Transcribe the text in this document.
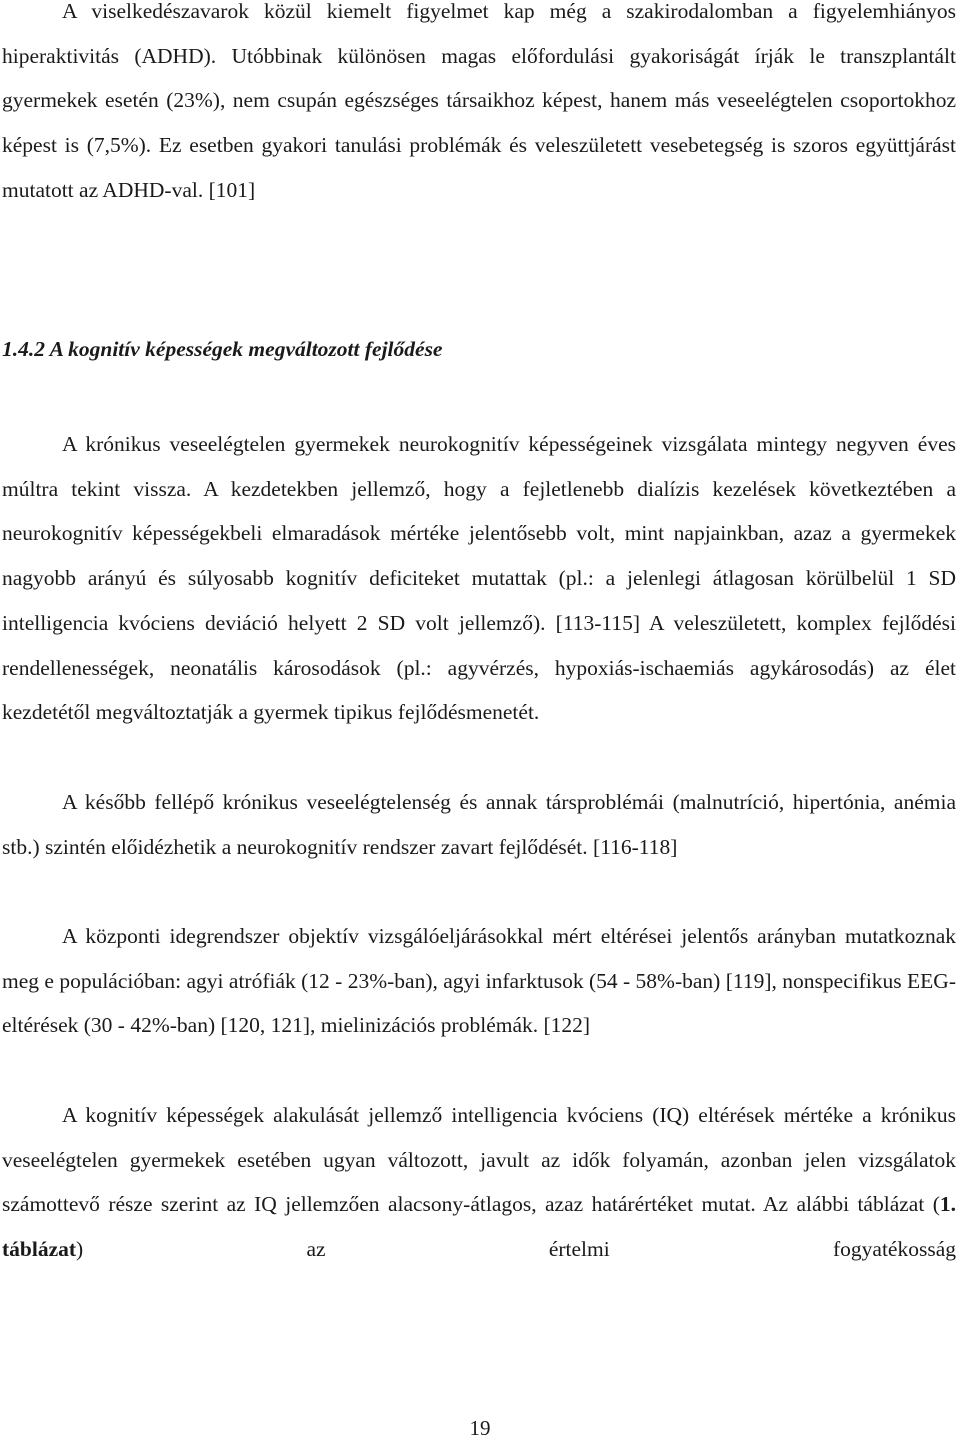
A viselkedészavarok közül kiemelt figyelmet kap még a szakirodalomban a figyelemhiányos hiperaktivitás (ADHD). Utóbbinak különösen magas előfordulási gyakoriságát írják le transzplantált gyermekek esetén (23%), nem csupán egészséges társaikhoz képest, hanem más veseelégtelen csoportokhoz képest is (7,5%). Ez esetben gyakori tanulási problémák és veleszületett vesebetegség is szoros együttjárást mutatott az ADHD-val. [101]

1.4.2 A kognitív képességek megváltozott fejlődése

A krónikus veseelégtelen gyermekek neurokognitív képességeinek vizsgálata mintegy negyven éves múltra tekint vissza. A kezdetekben jellemző, hogy a fejletlenebb dialízis kezelések következtében a neurokognitív képességekbeli elmaradások mértéke jelentősebb volt, mint napjainkban, azaz a gyermekek nagyobb arányú és súlyosabb kognitív deficiteket mutattak (pl.: a jelenlegi átlagosan körülbelül 1 SD intelligencia kvóciens deviáció helyett 2 SD volt jellemző). [113-115] A veleszületett, komplex fejlődési rendellenességek, neonatális károsodások (pl.: agyvérzés, hypoxiás-ischaemiás agykárosodás) az élet kezdetétől megváltoztatják a gyermek tipikus fejlődésmenetét.

A később fellépő krónikus veseelégtelenség és annak társproblémái (malnutríció, hipertónia, anémia stb.) szintén előidézhetik a neurokognitív rendszer zavart fejlődését. [116-118]

A központi idegrendszer objektív vizsgálóeljárásokkal mért eltérései jelentős arányban mutatkoznak meg e populációban: agyi atrófiák (12 - 23%-ban), agyi infarktusok (54 - 58%-ban) [119], nonspecifikus EEG-eltérések (30 - 42%-ban) [120, 121], mielinizációs problémák. [122]

A kognitív képességek alakulását jellemző intelligencia kvóciens (IQ) eltérések mértéke a krónikus veseelégtelen gyermekek esetében ugyan változott, javult az idők folyamán, azonban jelen vizsgálatok számottevő része szerint az IQ jellemzően alacsony-átlagos, azaz határértéket mutat. Az alábbi táblázat (1. táblázat) az értelmi fogyatékosság

19
